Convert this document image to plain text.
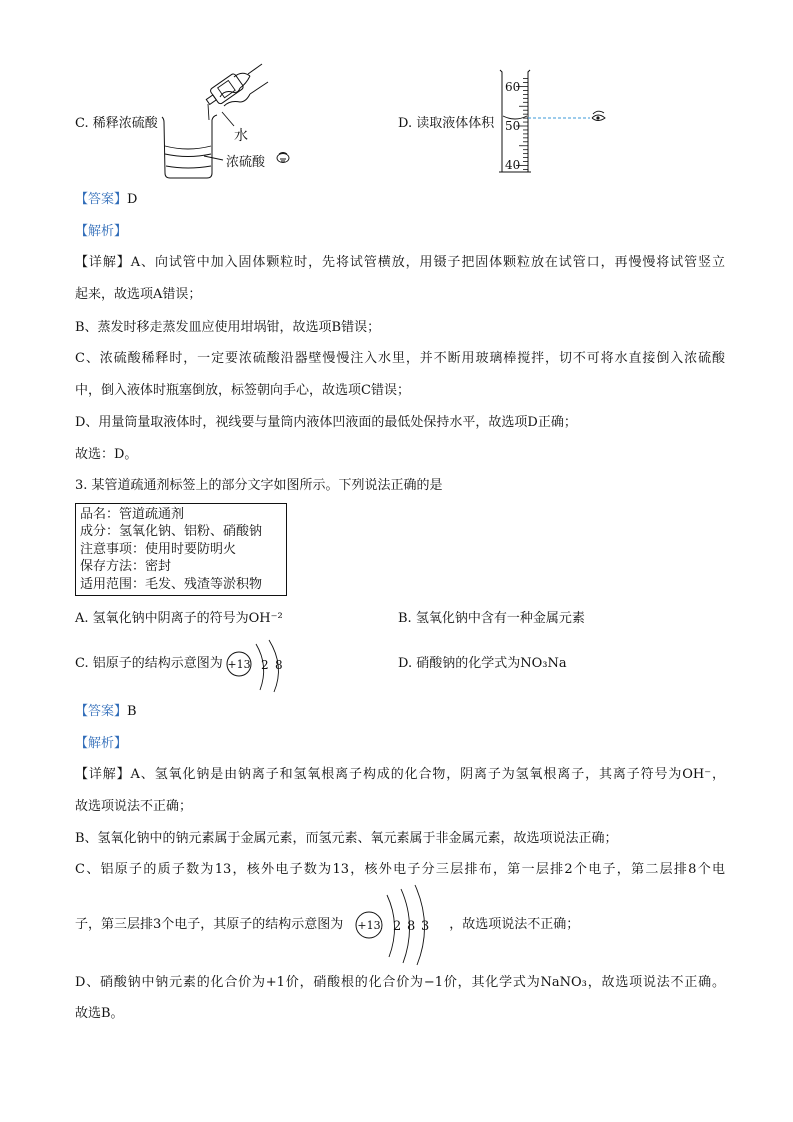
C. 稀释浓硫酸
水
浓硫酸
D. 读取液体体积
60
50
40
【答案】D
【解析】
【详解】A、向试管中加入固体颗粒时，先将试管横放，用镊子把固体颗粒放在试管口，再慢慢将试管竖立
起来，故选项A错误；
B、蒸发时移走蒸发皿应使用坩埚钳，故选项B错误；
C、浓硫酸稀释时，一定要浓硫酸沿器壁慢慢注入水里，并不断用玻璃棒搅拌，切不可将水直接倒入浓硫酸
中，倒入液体时瓶塞倒放，标签朝向手心，故选项C错误；
D、用量筒量取液体时，视线要与量筒内液体凹液面的最低处保持水平，故选项D正确；
故选：D。
3. 某管道疏通剂标签上的部分文字如图所示。下列说法正确的是
品名：管道疏通剂
成分：氢氧化钠、铝粉、硝酸钠
注意事项：使用时要防明火
保存方法：密封
适用范围：毛发、残渣等淤积物
A. 氢氧化钠中阴离子的符号为OH⁻²	B. 氢氧化钠中含有一种金属元素
C. 铝原子的结构示意图为 +13 2 8	D. 硝酸钠的化学式为NO₃Na
【答案】B
【解析】
【详解】A、氢氧化钠是由钠离子和氢氧根离子构成的化合物，阴离子为氢氧根离子，其离子符号为OH⁻，
故选项说法不正确；
B、氢氧化钠中的钠元素属于金属元素，而氢元素、氧元素属于非金属元素，故选项说法正确；
C、铝原子的质子数为13，核外电子数为13，核外电子分三层排布，第一层排2个电子，第二层排8个电
子，第三层排3个电子，其原子的结构示意图为 +13 2 8 3 ，故选项说法不正确；
D、硝酸钠中钠元素的化合价为+1价，硝酸根的化合价为−1价，其化学式为NaNO₃，故选项说法不正确。
故选B。
